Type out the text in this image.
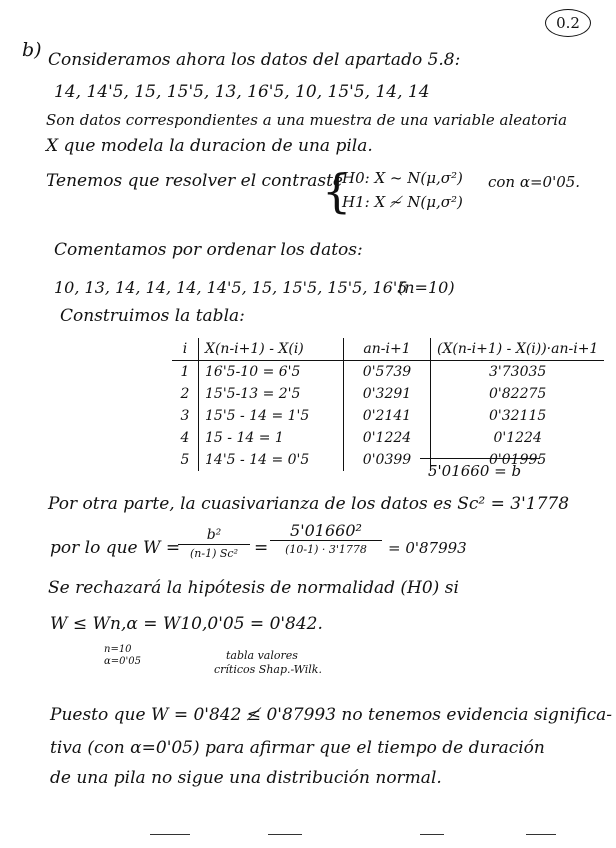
0.2
b) Consideramos ahora los datos del apartado 5.8:
14, 14'5, 15, 15'5, 13, 16'5, 10, 15'5, 14, 14
Son datos correspondientes a una muestra de una variable aleatoria
X que modela la duracion de una pila.
Tenemos que resolver el contraste
{
H0: X ~ N(μ,σ²)
H1: X ≁ N(μ,σ²)
con α=0'05.
Comentamos por ordenar los datos:
10, 13, 14, 14, 14, 14'5, 15, 15'5, 15'5, 16'5
(n=10)
Construimos la tabla:
i	X(n-i+1) - X(i)	an-i+1	(X(n-i+1) - X(i))·an-i+1
1	16'5-10 = 6'5	0'5739	3'73035
2	15'5-13 = 2'5	0'3291	0'82275
3	15'5 - 14 = 1'5	0'2141	0'32115
4	15 - 14 = 1	0'1224	0'1224
5	14'5 - 14 = 0'5	0'0399	0'01995
5'01660 = b
Por otra parte, la cuasivarianza de los datos es Sc² = 3'1778
por lo que W =
b²
(n-1) Sc² =
5'01660²
(10-1) · 3'1778	= 0'87993
Se rechazará la hipótesis de normalidad (H0) si
W ≤ Wn,α = W10,0'05 = 0'842.
n=10
α=0'05	tabla valores
críticos Shap.-Wilk.
Puesto que W = 0'842 ≰ 0'87993 no tenemos evidencia significa-
tiva (con α=0'05) para afirmar que el tiempo de duración
de una pila no sigue una distribución normal.
